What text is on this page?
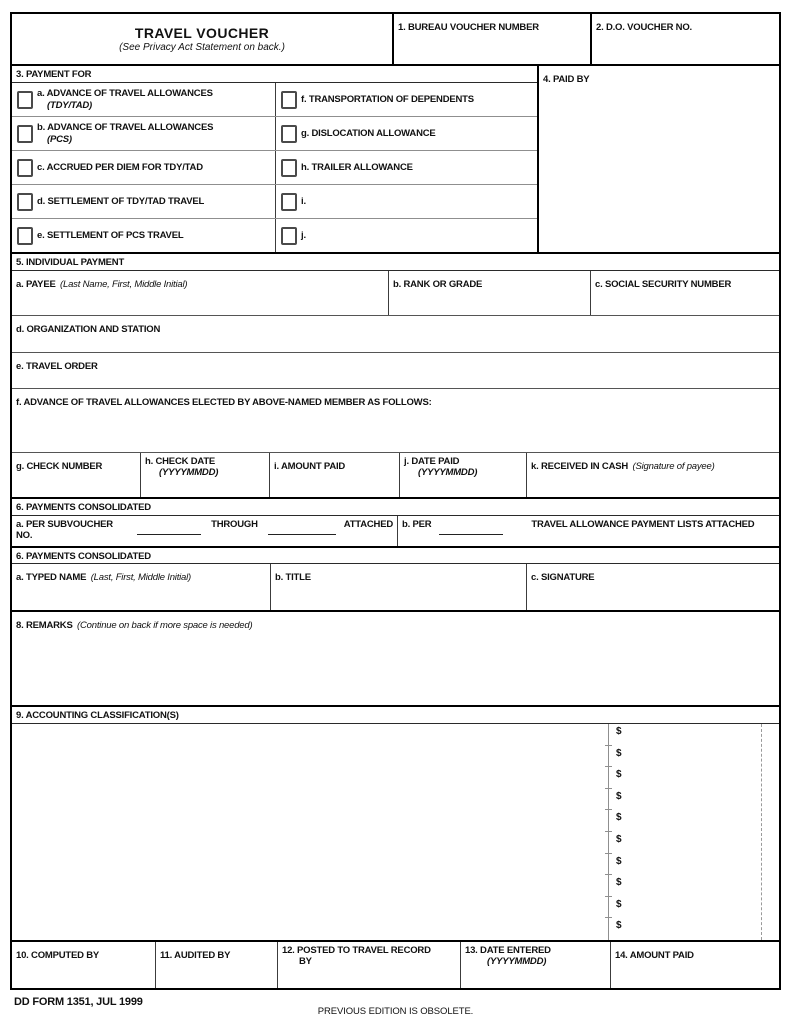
TRAVEL VOUCHER
(See Privacy Act Statement on back.)
1. BUREAU VOUCHER NUMBER	2. D.O. VOUCHER NO.
3. PAYMENT FOR
a. ADVANCE OF TRAVEL ALLOWANCES
(TDY/TAD)
f. TRANSPORTATION OF DEPENDENTS
b. ADVANCE OF TRAVEL ALLOWANCES
(PCS)
g. DISLOCATION ALLOWANCE
c. ACCRUED PER DIEM FOR TDY/TAD	h. TRAILER ALLOWANCE
d. SETTLEMENT OF TDY/TAD TRAVEL	i.
e. SETTLEMENT OF PCS TRAVEL	j.
4. PAID BY
5. INDIVIDUAL PAYMENT
a. PAYEE (Last Name, First, Middle Initial)	b. RANK OR GRADE	c. SOCIAL SECURITY NUMBER
d. ORGANIZATION AND STATION
e. TRAVEL ORDER
f. ADVANCE OF TRAVEL ALLOWANCES ELECTED BY ABOVE-NAMED MEMBER AS FOLLOWS:
g. CHECK NUMBER	h. CHECK DATE
(YYYYMMDD)
i. AMOUNT PAID	j. DATE PAID
(YYYYMMDD)
k. RECEIVED IN CASH (Signature of payee)
6. PAYMENTS CONSOLIDATED
a. PER SUBVOUCHER NO.
THROUGH	ATTACHED b. PER	TRAVEL ALLOWANCE PAYMENT LISTS ATTACHED
6. PAYMENTS CONSOLIDATED
a. TYPED NAME (Last, First, Middle Initial)	b. TITLE	c. SIGNATURE
8. REMARKS (Continue on back if more space is needed)
9. ACCOUNTING CLASSIFICATION(S)
$
$
$
$
$
$
$
$
$
$
10. COMPUTED BY	11. AUDITED BY	12. POSTED TO TRAVEL RECORD
BY
13. DATE ENTERED
(YYYYMMDD)
14. AMOUNT PAID
DD FORM 1351, JUL 1999
PREVIOUS EDITION IS OBSOLETE.
